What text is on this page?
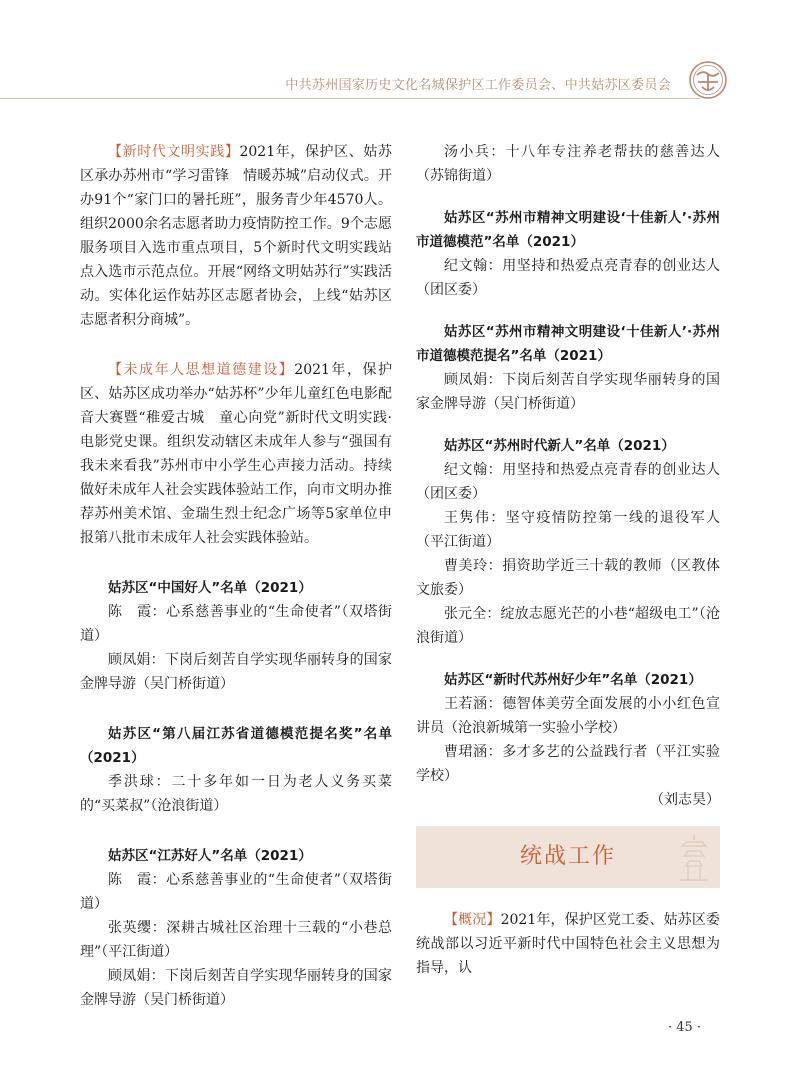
中共苏州国家历史文化名城保护区工作委员会、中共姑苏区委员会

【新时代文明实践】2021年，保护区、姑苏区承办苏州市“学习雷锋　情暖苏城”启动仪式。开办91个“家门口的暑托班”，服务青少年4570人。组织2000余名志愿者助力疫情防控工作。9个志愿服务项目入选市重点项目，5个新时代文明实践站点入选市示范点位。开展“网络文明姑苏行”实践活动。实体化运作姑苏区志愿者协会，上线“姑苏区志愿者积分商城”。

【未成年人思想道德建设】2021年，保护区、姑苏区成功举办“姑苏杯”少年儿童红色电影配音大赛暨“稚爱古城　童心向党”新时代文明实践·电影党史课。组织发动辖区未成年人参与“强国有我未来看我”苏州市中小学生心声接力活动。持续做好未成年人社会实践体验站工作，向市文明办推荐苏州美术馆、金瑞生烈士纪念广场等5家单位申报第八批市未成年人社会实践体验站。

姑苏区“中国好人”名单（2021）

陈　霞：心系慈善事业的“生命使者”（双塔街道）

顾凤娟：下岗后刻苦自学实现华丽转身的国家金牌导游（吴门桥街道）

姑苏区“第八届江苏省道德模范提名奖”名单（2021）

季洪球：二十多年如一日为老人义务买菜的“买菜叔”（沧浪街道）

姑苏区“江苏好人”名单（2021）

陈　霞：心系慈善事业的“生命使者”（双塔街道）

张英缨：深耕古城社区治理十三载的“小巷总理”（平江街道）

顾凤娟：下岗后刻苦自学实现华丽转身的国家金牌导游（吴门桥街道）

汤小兵：十八年专注养老帮扶的慈善达人（苏锦街道）

姑苏区“苏州市精神文明建设‘十佳新人’·苏州市道德模范”名单（2021）

纪文翰：用坚持和热爱点亮青春的创业达人（团区委）

姑苏区“苏州市精神文明建设‘十佳新人’·苏州市道德模范提名”名单（2021）

顾凤娟：下岗后刻苦自学实现华丽转身的国家金牌导游（吴门桥街道）

姑苏区“苏州时代新人”名单（2021）

纪文翰：用坚持和热爱点亮青春的创业达人（团区委）

王隽伟：坚守疫情防控第一线的退役军人（平江街道）

曹美玲：捐资助学近三十载的教师（区教体文旅委）

张元全：绽放志愿光芒的小巷“超级电工”（沧浪街道）

姑苏区“新时代苏州好少年”名单（2021）

王若涵：德智体美劳全面发展的小小红色宣讲员（沧浪新城第一实验小学校）

曹珺涵：多才多艺的公益践行者（平江实验学校）

（刘志昊）

统战工作

【概况】2021年，保护区党工委、姑苏区委统战部以习近平新时代中国特色社会主义思想为指导，认

· 45 ·
